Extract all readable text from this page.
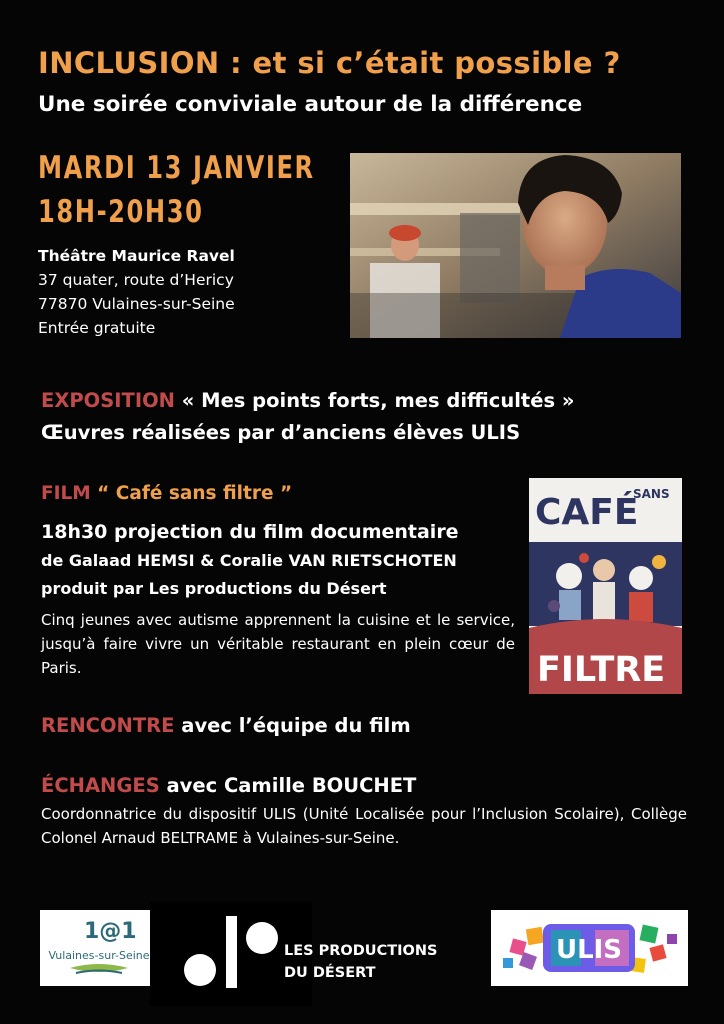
INCLUSION : et si c’était possible ?
Une soirée conviviale autour de la différence
MARDI 13 JANVIER
18H-20H30
Théâtre Maurice Ravel
37 quater, route d’Hericy
77870 Vulaines-sur-Seine
Entrée gratuite
EXPOSITION « Mes points forts, mes difficultés »
Œuvres réalisées par d’anciens élèves ULIS
FILM “ Café sans filtre ”
18h30 projection du film documentaire
de Galaad HEMSI & Coralie VAN RIETSCHOTEN
produit par Les productions du Désert
Cinq jeunes avec autisme apprennent la cuisine et le service, jusqu’à faire vivre un véritable restaurant en plein cœur de Paris.
CAFÉ
SANS
FILTRE
RENCONTRE avec l’équipe du film
ÉCHANGES avec Camille BOUCHET
Coordonnatrice du dispositif ULIS (Unité Localisée pour l’Inclusion Scolaire), Collège Colonel Arnaud BELTRAME à Vulaines-sur-Seine.
1@1
Vulaines-sur-Seine	LES PRODUCTIONS
DU DÉSERT
ULIS
